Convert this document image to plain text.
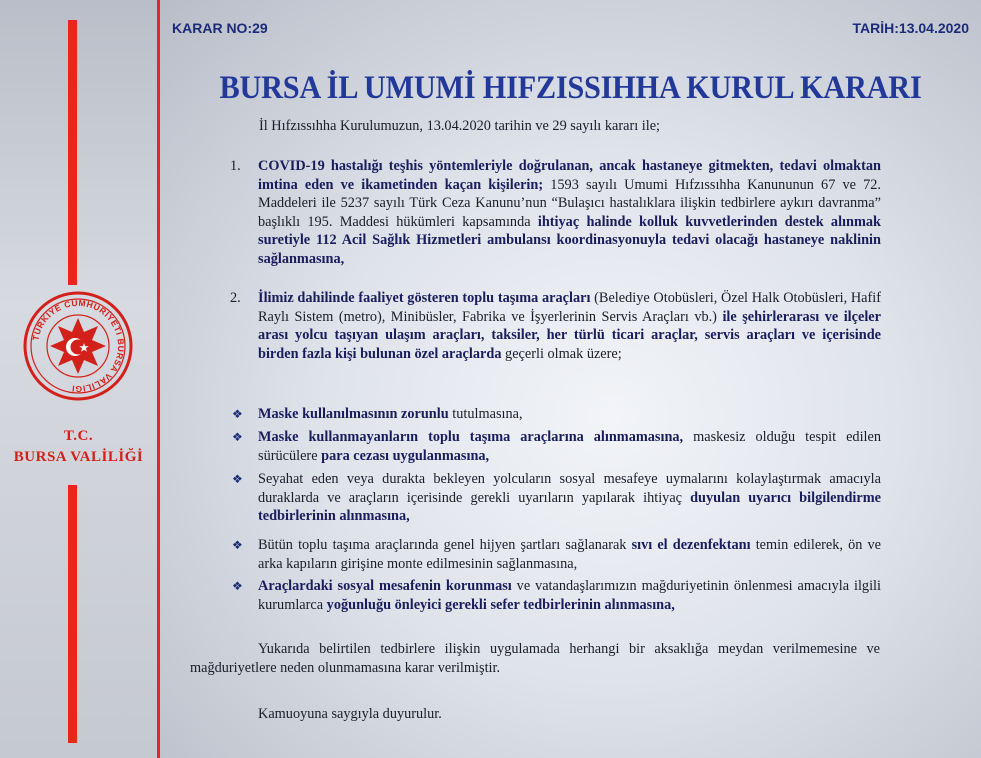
TÜRKİYE CUMHURİYETİ BURSA VALİLİĞİ
T.C.
BURSA VALİLİĞİ
KARAR NO:29	TARİH:13.04.2020
BURSA İL UMUMİ HIFZISSIHHA KURUL KARARI
İl Hıfzıssıhha Kurulumuzun, 13.04.2020 tarihin ve 29 sayılı kararı ile;
1. COVID-19 hastalığı teşhis yöntemleriyle doğrulanan, ancak hastaneye gitmekten, tedavi olmaktan imtina eden ve ikametinden kaçan kişilerin; 1593 sayılı Umumi Hıfzıssıhha Kanununun 67 ve 72. Maddeleri ile 5237 sayılı Türk Ceza Kanunu’nun “Bulaşıcı hastalıklara ilişkin tedbirlere aykırı davranma” başlıklı 195. Maddesi hükümleri kapsamında ihtiyaç halinde kolluk kuvvetlerinden destek alınmak suretiyle 112 Acil Sağlık Hizmetleri ambulansı koordinasyonuyla tedavi olacağı hastaneye naklinin sağlanmasına,
2. İlimiz dahilinde faaliyet gösteren toplu taşıma araçları (Belediye Otobüsleri, Özel Halk Otobüsleri, Hafif Raylı Sistem (metro), Minibüsler, Fabrika ve İşyerlerinin Servis Araçları vb.) ile şehirlerarası ve ilçeler arası yolcu taşıyan ulaşım araçları, taksiler, her türlü ticari araçlar, servis araçları ve içerisinde birden fazla kişi bulunan özel araçlarda geçerli olmak üzere;
❖ Maske kullanılmasının zorunlu tutulmasına,
❖ Maske kullanmayanların toplu taşıma araçlarına alınmamasına, maskesiz olduğu tespit edilen sürücülere para cezası uygulanmasına,
❖ Seyahat eden veya durakta bekleyen yolcuların sosyal mesafeye uymalarını kolaylaştırmak amacıyla duraklarda ve araçların içerisinde gerekli uyarıların yapılarak ihtiyaç duyulan uyarıcı bilgilendirme tedbirlerinin alınmasına,
❖ Bütün toplu taşıma araçlarında genel hijyen şartları sağlanarak sıvı el dezenfektanı temin edilerek, ön ve arka kapıların girişine monte edilmesinin sağlanmasına,
❖ Araçlardaki sosyal mesafenin korunması ve vatandaşlarımızın mağduriyetinin önlenmesi amacıyla ilgili kurumlarca yoğunluğu önleyici gerekli sefer tedbirlerinin alınmasına,
Yukarıda belirtilen tedbirlere ilişkin uygulamada herhangi bir aksaklığa meydan verilmemesine ve mağduriyetlere neden olunmamasına karar verilmiştir.
Kamuoyuna saygıyla duyurulur.
